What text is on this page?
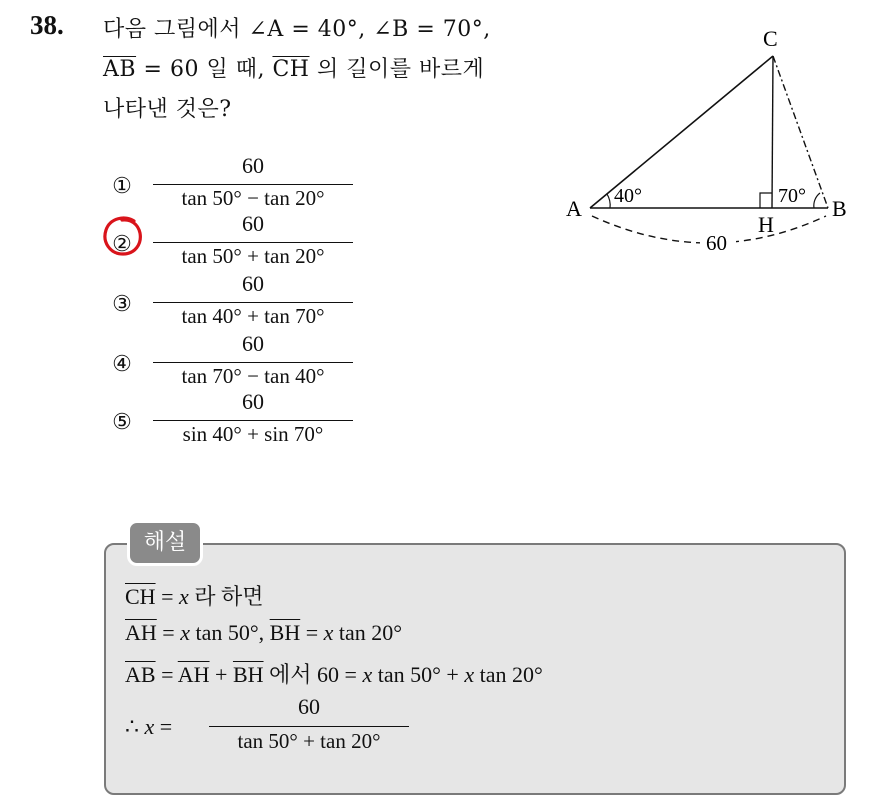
38. 다음 그림에서 ∠A = 40°, ∠B = 70°,
$\overline{AB} = 60$ 일 때, $\overline{CH}$ 의 길이를 바르게
나타낸 것은?
①
60
tan 50° − tan 20°
②
60
tan 50° + tan 20°
③
60
tan 40° + tan 70°
④
60
tan 70° − tan 40°
⑤
60
sin 40° + sin 70°
60
A	B
C
H
40°	70°
해설
$\overline{CH} = x$ 라 하면
$\overline{AH} = x$ tan 50°, $\overline{BH} = x$ tan 20°
$\overline{AB} = \overline{AH} + \overline{BH}$ 에서 60 = x tan 50° + x tan 20°
∴ x =
60
tan 50° + tan 20°
